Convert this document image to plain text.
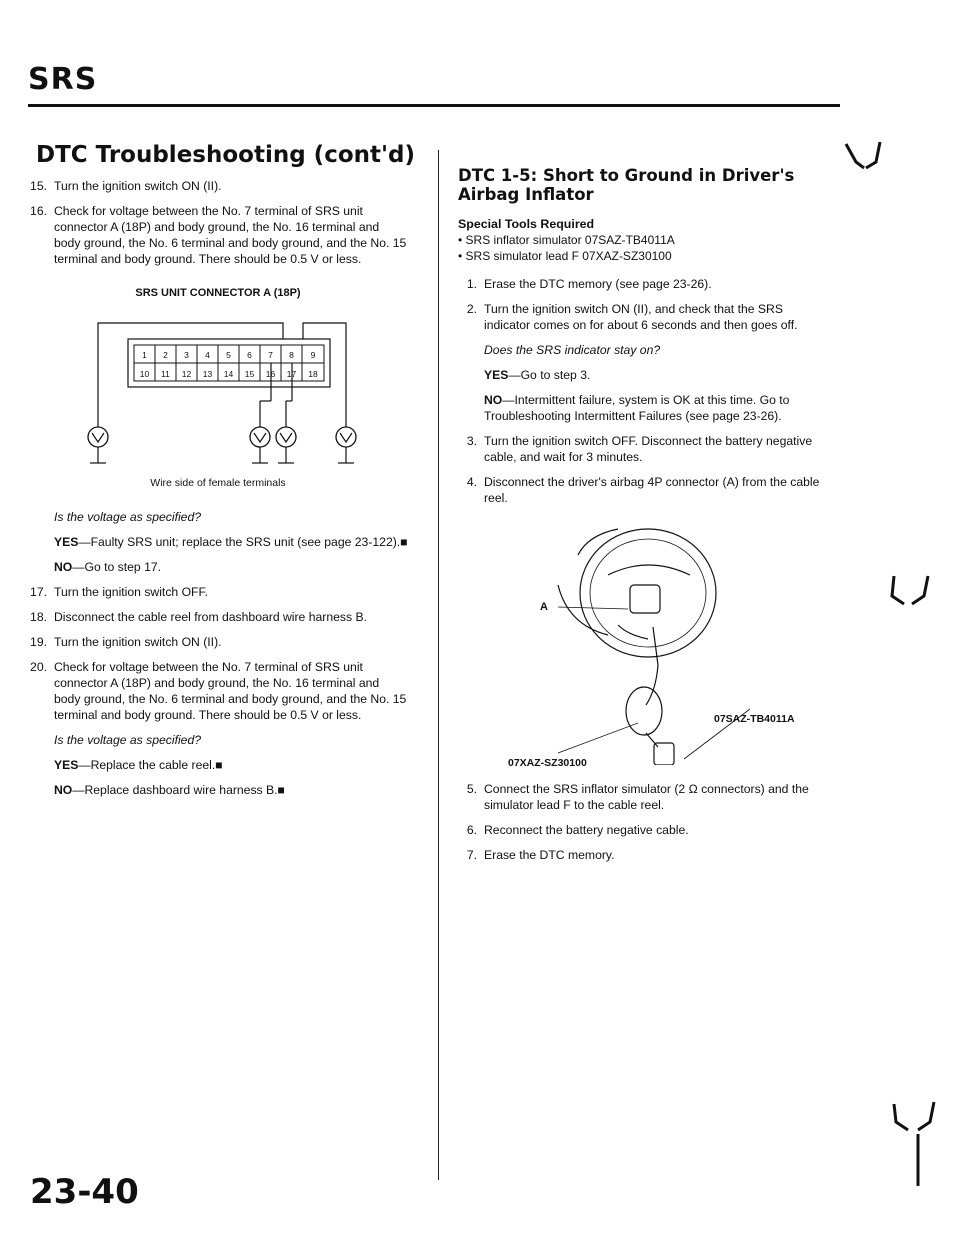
SRS
DTC Troubleshooting (cont'd)
15. Turn the ignition switch ON (II).
16. Check for voltage between the No. 7 terminal of SRS unit connector A (18P) and body ground, the No. 16 terminal and body ground, the No. 6 terminal and body ground, and the No. 15 terminal and body ground. There should be 0.5 V or less.
SRS UNIT CONNECTOR A (18P)
1	2	3	4	5	6	7	8	9
10	11	12	13	14	15	16	17	18
Wire side of female terminals
Is the voltage as specified?
YES—Faulty SRS unit; replace the SRS unit (see page 23-122).■
NO—Go to step 17.
17. Turn the ignition switch OFF.
18. Disconnect the cable reel from dashboard wire harness B.
19. Turn the ignition switch ON (II).
20. Check for voltage between the No. 7 terminal of SRS unit connector A (18P) and body ground, the No. 16 terminal and body ground, the No. 6 terminal and body ground, and the No. 15 terminal and body ground. There should be 0.5 V or less.
Is the voltage as specified?
YES—Replace the cable reel.■
NO—Replace dashboard wire harness B.■
DTC 1-5: Short to Ground in Driver's Airbag Inflator
Special Tools Required
• SRS inflator simulator 07SAZ-TB4011A
• SRS simulator lead F 07XAZ-SZ30100
1. Erase the DTC memory (see page 23-26).
2. Turn the ignition switch ON (II), and check that the SRS indicator comes on for about 6 seconds and then goes off.
Does the SRS indicator stay on?
YES—Go to step 3.
NO—Intermittent failure, system is OK at this time. Go to Troubleshooting Intermittent Failures (see page 23-26).
3. Turn the ignition switch OFF. Disconnect the battery negative cable, and wait for 3 minutes.
4. Disconnect the driver's airbag 4P connector (A) from the cable reel.
A
07SAZ-TB4011A
07XAZ-SZ30100
5. Connect the SRS inflator simulator (2 Ω connectors) and the simulator lead F to the cable reel.
6. Reconnect the battery negative cable.
7. Erase the DTC memory.
23-40
